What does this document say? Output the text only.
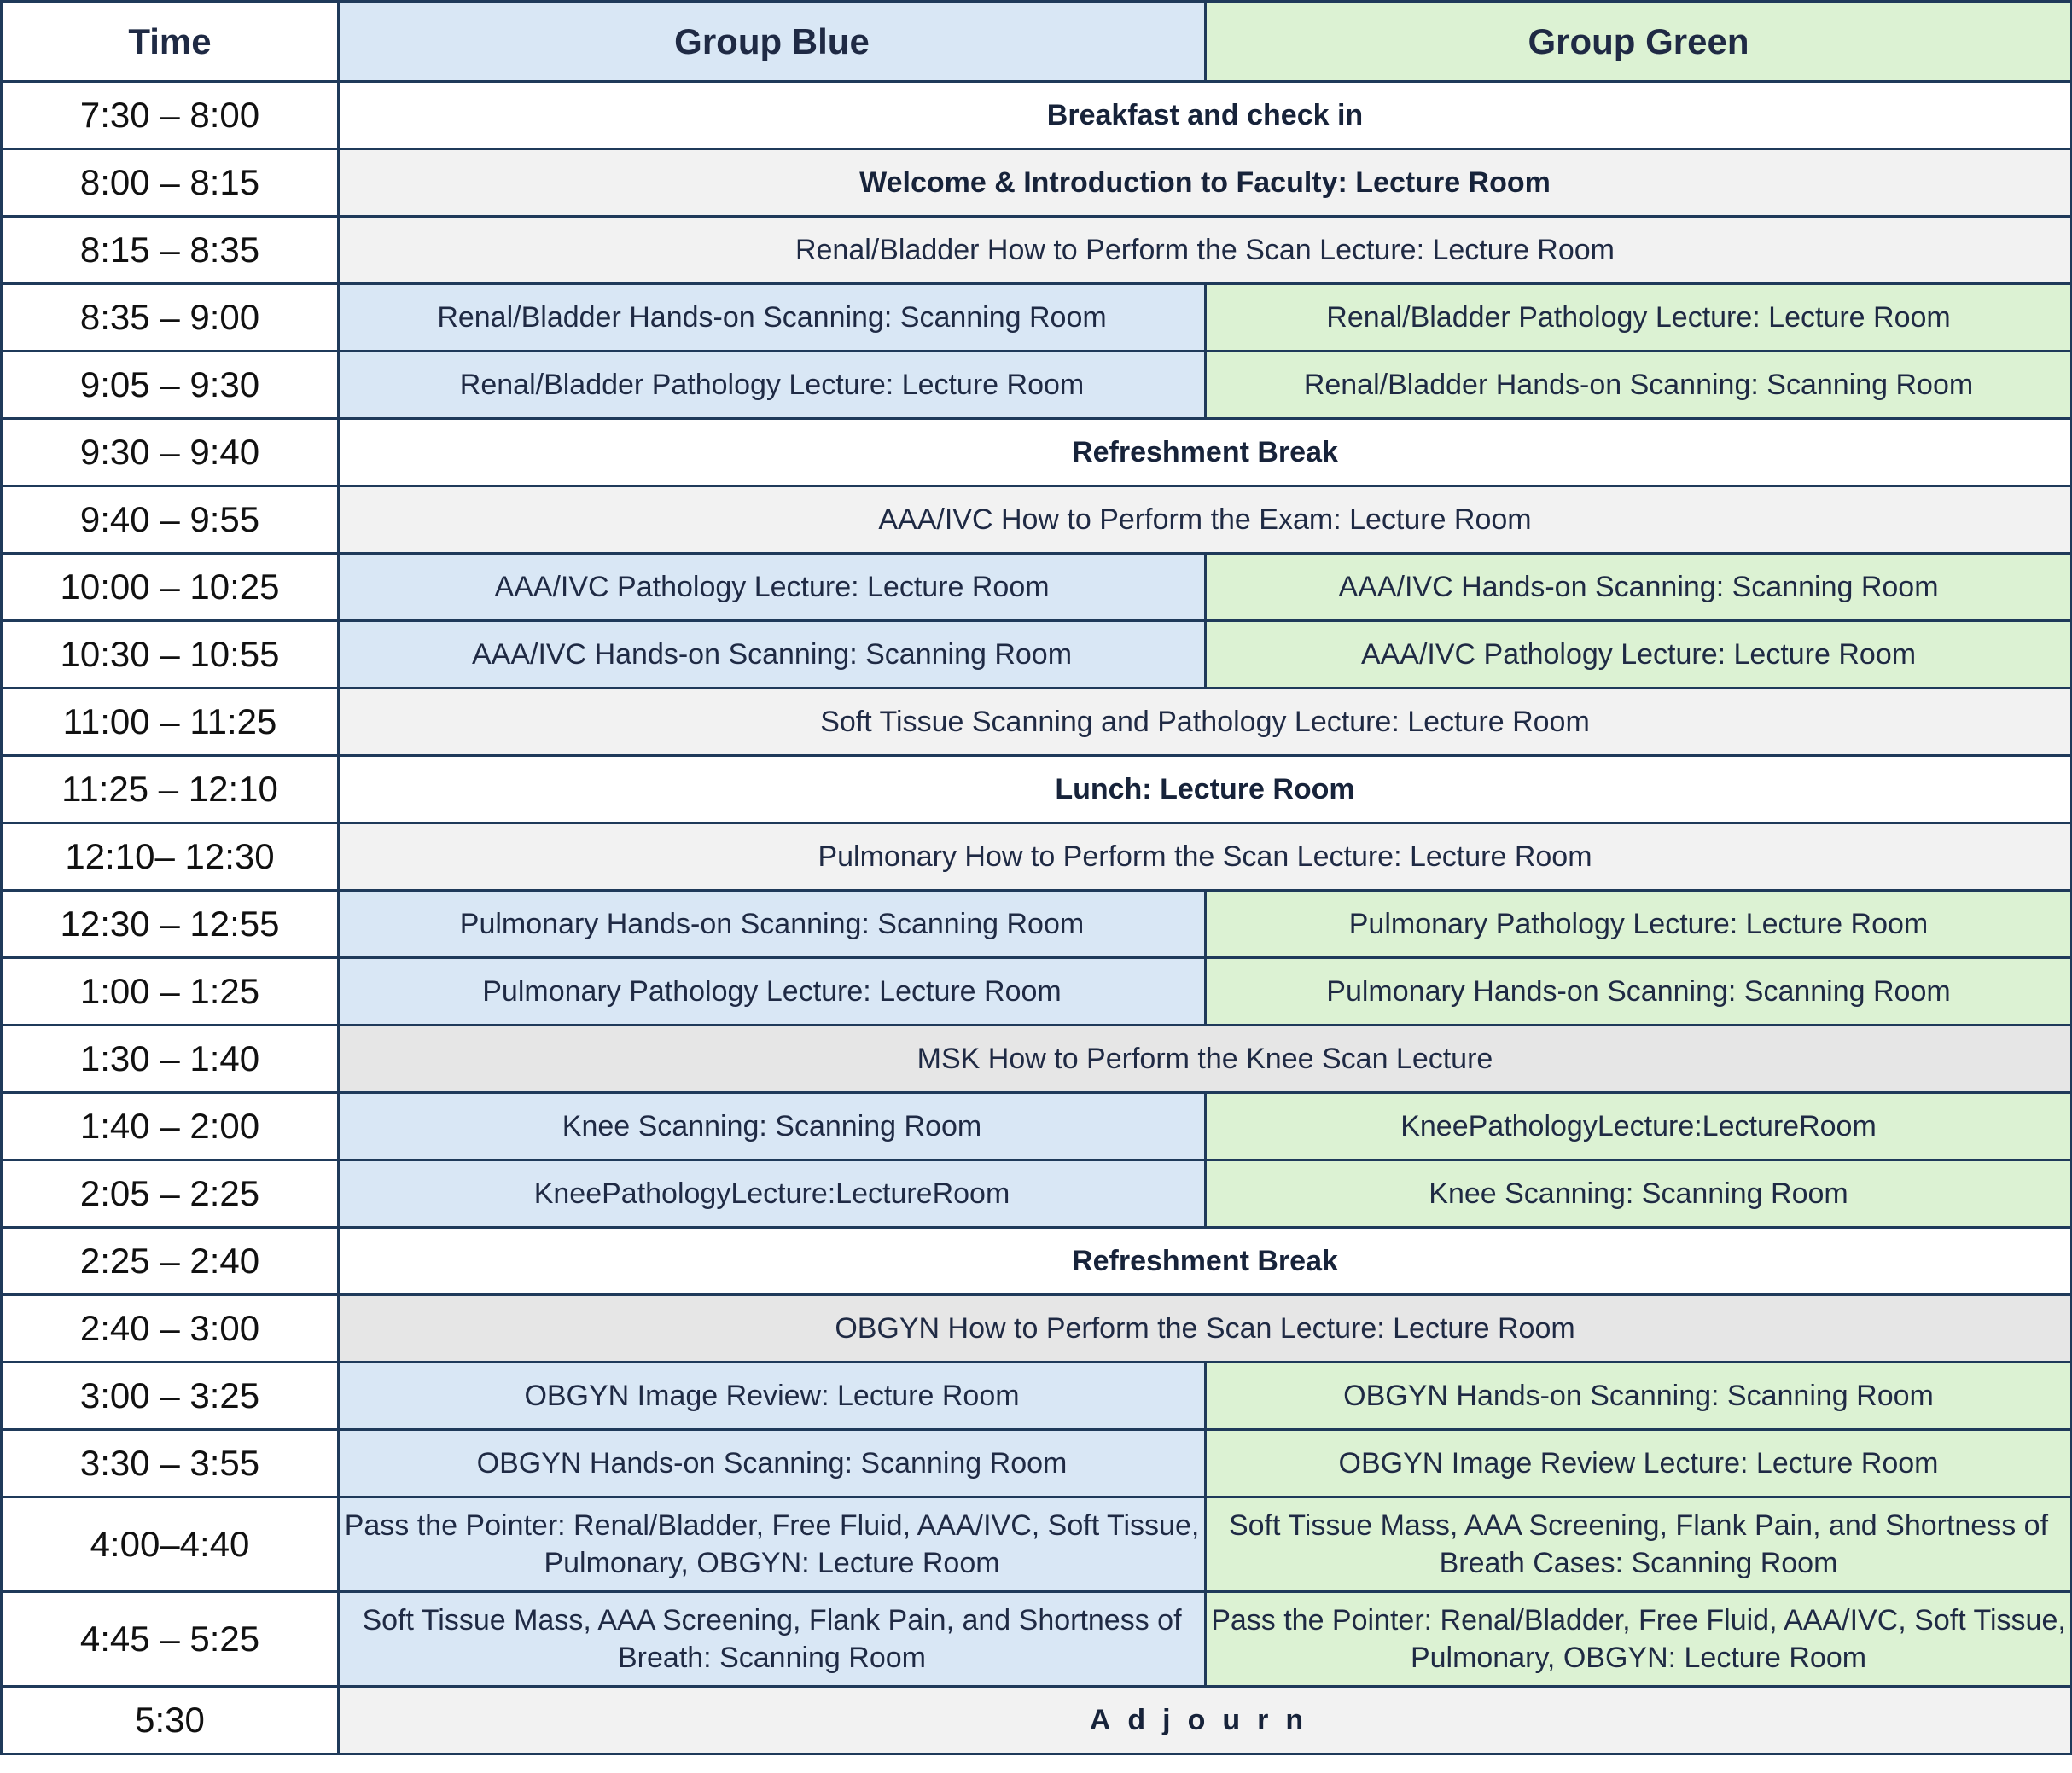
Time	Group Blue	Group Green
7:30 – 8:00	Breakfast and check in	
8:00 – 8:15	Welcome & Introduction to Faculty: Lecture Room	
8:15 – 8:35	Renal/Bladder How to Perform the Scan Lecture: Lecture Room	
8:35 – 9:00	Renal/Bladder Hands-on Scanning: Scanning Room	Renal/Bladder Pathology Lecture: Lecture Room
9:05 – 9:30	Renal/Bladder Pathology Lecture: Lecture Room	Renal/Bladder Hands-on Scanning: Scanning Room
9:30 – 9:40	Refreshment Break	
9:40 – 9:55	AAA/IVC How to Perform the Exam: Lecture Room	
10:00 – 10:25	AAA/IVC Pathology Lecture: Lecture Room	AAA/IVC Hands-on Scanning: Scanning Room
10:30 – 10:55	AAA/IVC Hands-on Scanning: Scanning Room	AAA/IVC Pathology Lecture: Lecture Room
11:00 – 11:25	Soft Tissue Scanning and Pathology Lecture: Lecture Room	
11:25 – 12:10	Lunch: Lecture Room	
12:10– 12:30	Pulmonary How to Perform the Scan Lecture: Lecture Room	
12:30 – 12:55	Pulmonary Hands-on Scanning: Scanning Room	Pulmonary Pathology Lecture: Lecture Room
1:00 – 1:25	Pulmonary Pathology Lecture: Lecture Room	Pulmonary Hands-on Scanning: Scanning Room
1:30 – 1:40	MSK How to Perform the Knee Scan Lecture	
1:40 – 2:00	Knee Scanning: Scanning Room	KneePathologyLecture:LectureRoom
2:05 – 2:25	KneePathologyLecture:LectureRoom	Knee Scanning: Scanning Room
2:25 – 2:40	Refreshment Break	
2:40 – 3:00	OBGYN How to Perform the Scan Lecture: Lecture Room	
3:00 – 3:25	OBGYN Image Review: Lecture Room	OBGYN Hands-on Scanning: Scanning Room
3:30 – 3:55	OBGYN Hands-on Scanning: Scanning Room	OBGYN Image Review Lecture: Lecture Room
4:00–4:40	Pass the Pointer: Renal/Bladder, Free Fluid, AAA/IVC, Soft Tissue, Pulmonary, OBGYN: Lecture Room	Soft Tissue Mass, AAA Screening, Flank Pain, and Shortness of Breath Cases: Scanning Room
4:45 – 5:25	Soft Tissue Mass, AAA Screening, Flank Pain, and Shortness of Breath: Scanning Room	Pass the Pointer: Renal/Bladder, Free Fluid, AAA/IVC, Soft Tissue, Pulmonary, OBGYN: Lecture Room
5:30	Adjourn	
